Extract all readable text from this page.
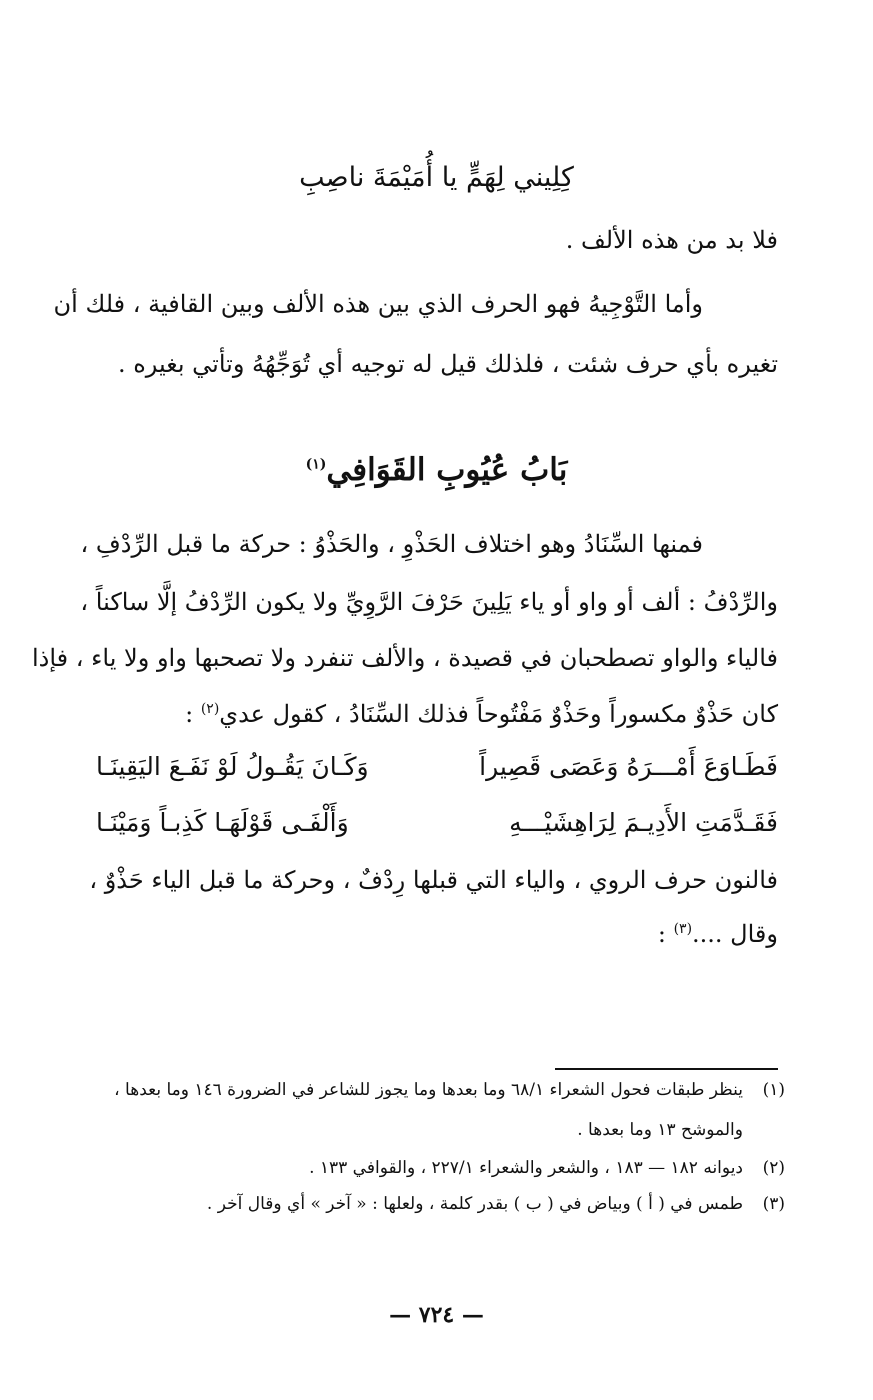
كِلِيني لِهَمٍّ يا أُمَيْمَةَ ناصِبِ
فلا بد من هذه الألف .
وأما التَّوْجِيهُ فهو الحرف الذي بين هذه الألف وبين القافية ، فلك أن
تغيره بأي حرف شئت ، فلذلك قيل له توجيه أي تُوَجِّهُهُ وتأتي بغيره .
بَابُ عُيُوبِ القَوَافِي$^{(١)}$
فمنها السِّنَادُ وهو اختلاف الحَذْوِ ، والحَذْوُ : حركة ما قبل الرِّدْفِ ،
والرِّدْفُ : ألف أو واو أو ياء يَلِينَ حَرْفَ الرَّوِيِّ ولا يكون الرِّدْفُ إلَّا ساكناً ،
فالياء والواو تصطحبان في قصيدة ، والألف تنفرد ولا تصحبها واو ولا ياء ، فإذا
كان حَذْوٌ مكسوراً وحَذْوٌ مَفْتُوحاً فذلك السِّنَادُ ، كقول عدي$^{(٢)}$ :
فَطَـاوَعَ أَمْـــرَهُ وَعَصَى قَصِيراً
وَكَـانَ يَقُـولُ لَوْ نَفَـعَ اليَقِينَـا
فَقَـدَّمَتِ الأَدِيـمَ لِرَاهِشَيْـــهِ
وَأَلْفَـى قَوْلَهَـا كَذِبـاً وَمَيْنَـا
فالنون حرف الروي ، والياء التي قبلها رِدْفٌ ، وحركة ما قبل الياء حَذْوٌ ،
وقال ....$^{(٣)}$ :
(١)ينظر طبقات فحول الشعراء ٦٨/١ وما بعدها وما يجوز للشاعر في الضرورة ١٤٦ وما بعدها ،
والموشح ١٣ وما بعدها .
(٢)ديوانه ١٨٢ — ١٨٣ ، والشعر والشعراء ٢٢٧/١ ، والقوافي ١٣٣ .
(٣)طمس في ( أ ) وبياض في ( ب ) بقدر كلمة ، ولعلها : « آخر » أي وقال آخر .
— ٧٢٤ —
